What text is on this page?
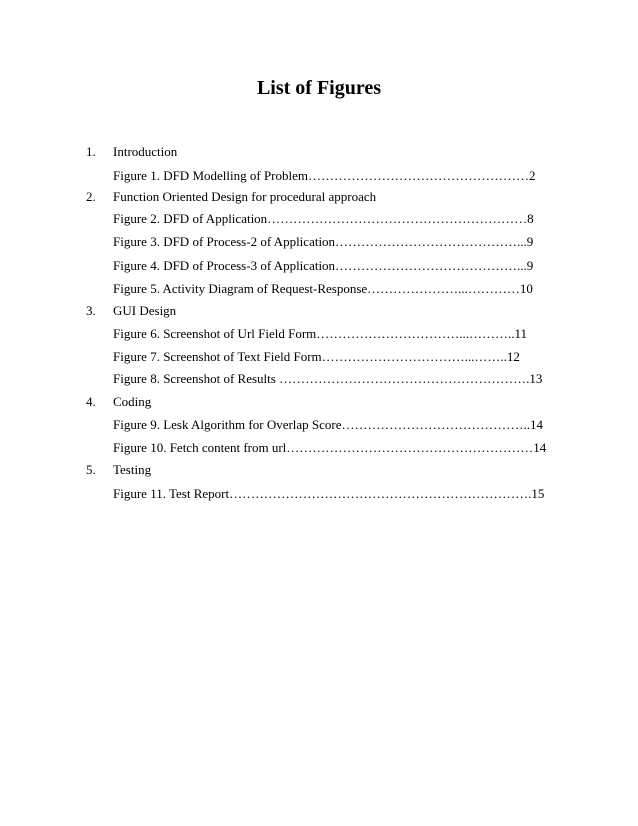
List of Figures
1. Introduction
Figure 1. DFD Modelling of Problem……………………………………………2
2. Function Oriented Design for procedural approach
Figure 2. DFD of Application……………………………………………………8
Figure 3. DFD of Process-2 of Application……………………………………...9
Figure 4. DFD of Process-3 of Application……………………………………...9
Figure 5. Activity Diagram of Request-Response…………………...…………10
3. GUI Design
Figure 6. Screenshot of Url Field Form……………………………...………..11
Figure 7. Screenshot of Text Field Form……………………………...……..12
Figure 8. Screenshot of Results ………………………………………………….13
4. Coding
Figure 9. Lesk Algorithm for Overlap Score……………………………………..14
Figure 10. Fetch content from url…………………………………………………14
5. Testing
Figure 11. Test Report…………………………………………………………….15
